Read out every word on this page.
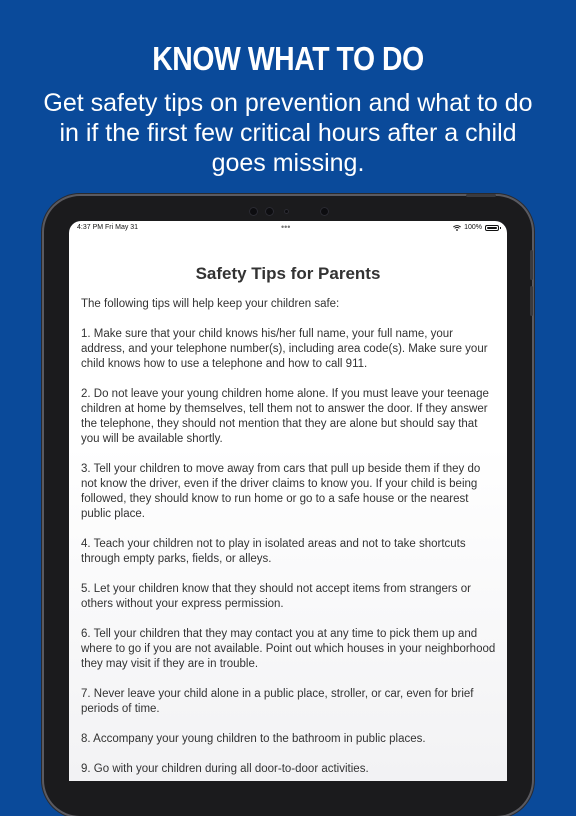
KNOW WHAT TO DO
Get safety tips on prevention and what to do in if the first few critical hours after a child goes missing.
4:37 PM Fri May 31	•••	100%
Safety Tips for Parents

The following tips will help keep your children safe:

1. Make sure that your child knows his/her full name, your full name, your address, and your telephone number(s), including area code(s). Make sure your child knows how to use a telephone and how to call 911.

2. Do not leave your young children home alone. If you must leave your teenage children at home by themselves, tell them not to answer the door. If they answer the telephone, they should not mention that they are alone but should say that you will be available shortly.

3. Tell your children to move away from cars that pull up beside them if they do not know the driver, even if the driver claims to know you. If your child is being followed, they should know to run home or go to a safe house or the nearest public place.

4. Teach your children not to play in isolated areas and not to take shortcuts through empty parks, fields, or alleys.

5. Let your children know that they should not accept items from strangers or others without your express permission.

6. Tell your children that they may contact you at any time to pick them up and where to go if you are not available. Point out which houses in your neighborhood they may visit if they are in trouble.

7. Never leave your child alone in a public place, stroller, or car, even for brief periods of time.

8. Accompany your young children to the bathroom in public places.

9. Go with your children during all door-to-door activities.
